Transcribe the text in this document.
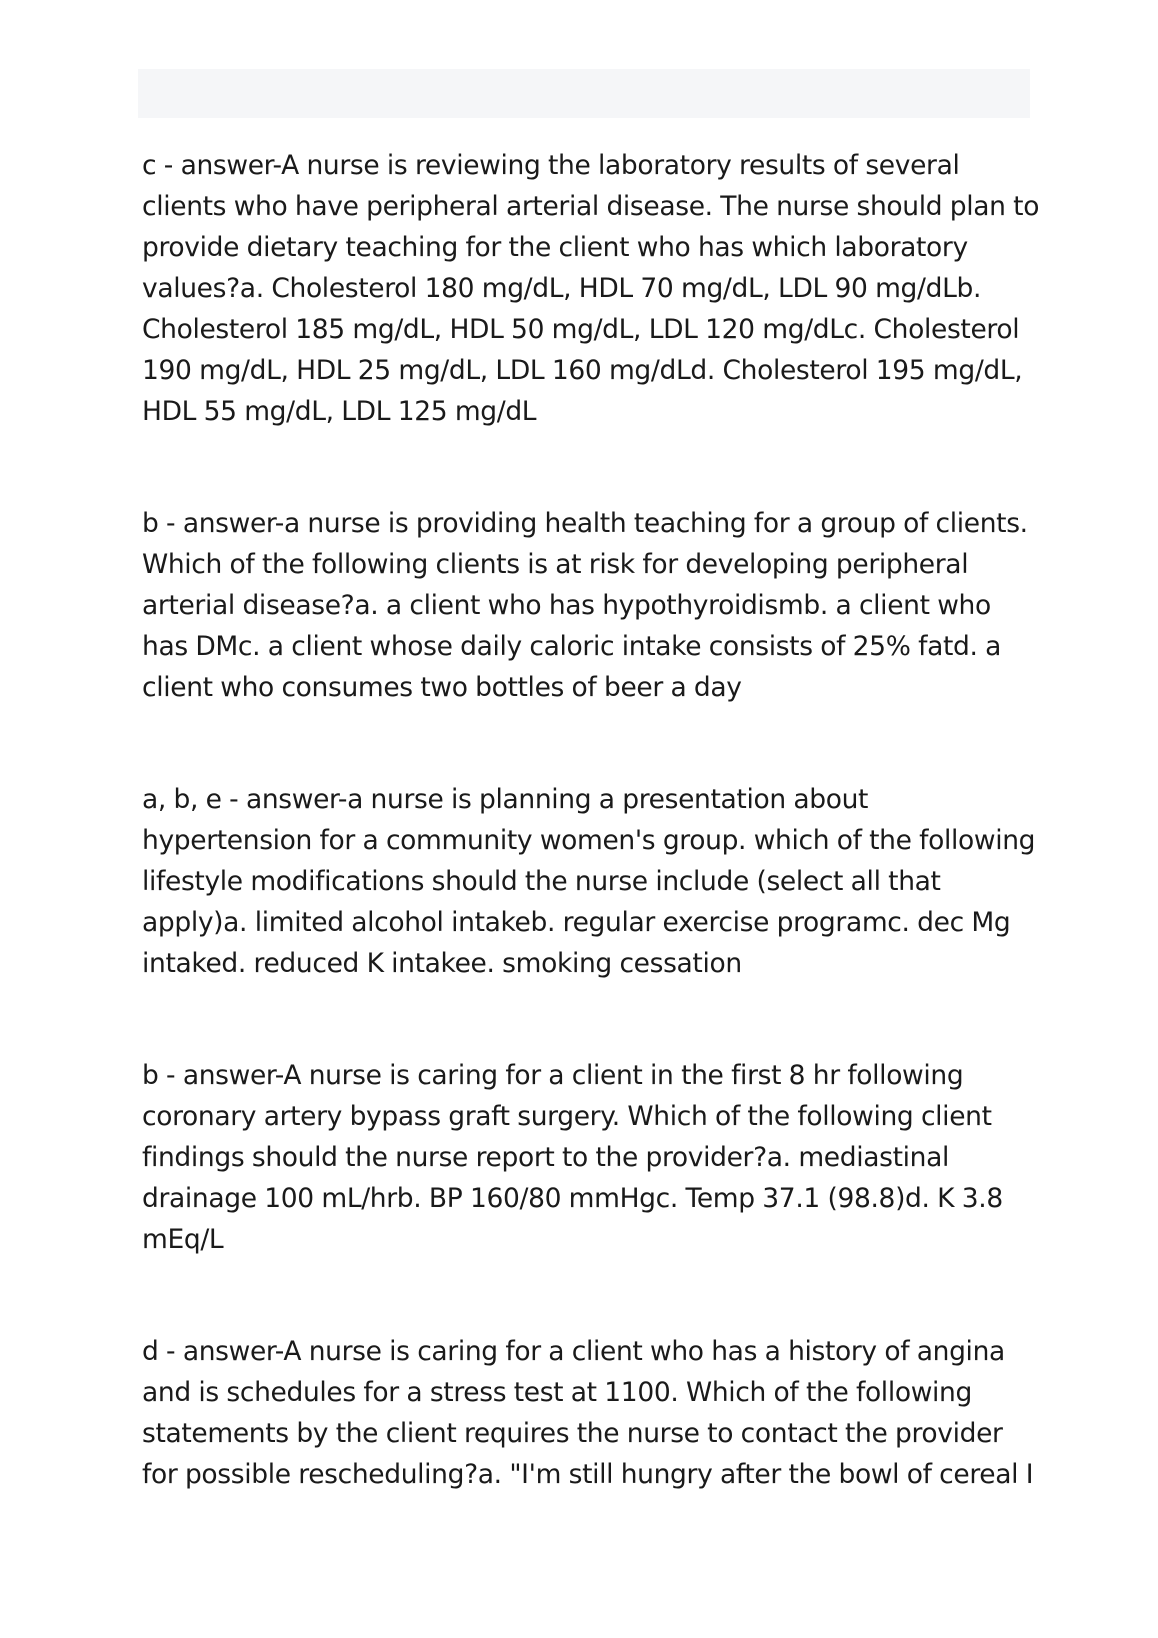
c - answer-A nurse is reviewing the laboratory results of several clients who have peripheral arterial disease. The nurse should plan to provide dietary teaching for the client who has which laboratory values?a. Cholesterol 180 mg/dL, HDL 70 mg/dL, LDL 90 mg/dLb. Cholesterol 185 mg/dL, HDL 50 mg/dL, LDL 120 mg/dLc. Cholesterol 190 mg/dL, HDL 25 mg/dL, LDL 160 mg/dLd. Cholesterol 195 mg/dL, HDL 55 mg/dL, LDL 125 mg/dL

b - answer-a nurse is providing health teaching for a group of clients. Which of the following clients is at risk for developing peripheral arterial disease?a. a client who has hypothyroidismb. a client who has DMc. a client whose daily caloric intake consists of 25% fatd. a client who consumes two bottles of beer a day

a, b, e - answer-a nurse is planning a presentation about hypertension for a community women's group. which of the following lifestyle modifications should the nurse include (select all that apply)a. limited alcohol intakeb. regular exercise programc. dec Mg intaked. reduced K intakee. smoking cessation

b - answer-A nurse is caring for a client in the first 8 hr following coronary artery bypass graft surgery. Which of the following client findings should the nurse report to the provider?a. mediastinal drainage 100 mL/hrb. BP 160/80 mmHgc. Temp 37.1 (98.8)d. K 3.8 mEq/L

d - answer-A nurse is caring for a client who has a history of angina and is schedules for a stress test at 1100. Which of the following statements by the client requires the nurse to contact the provider for possible rescheduling?a. "I'm still hungry after the bowl of cereal I
